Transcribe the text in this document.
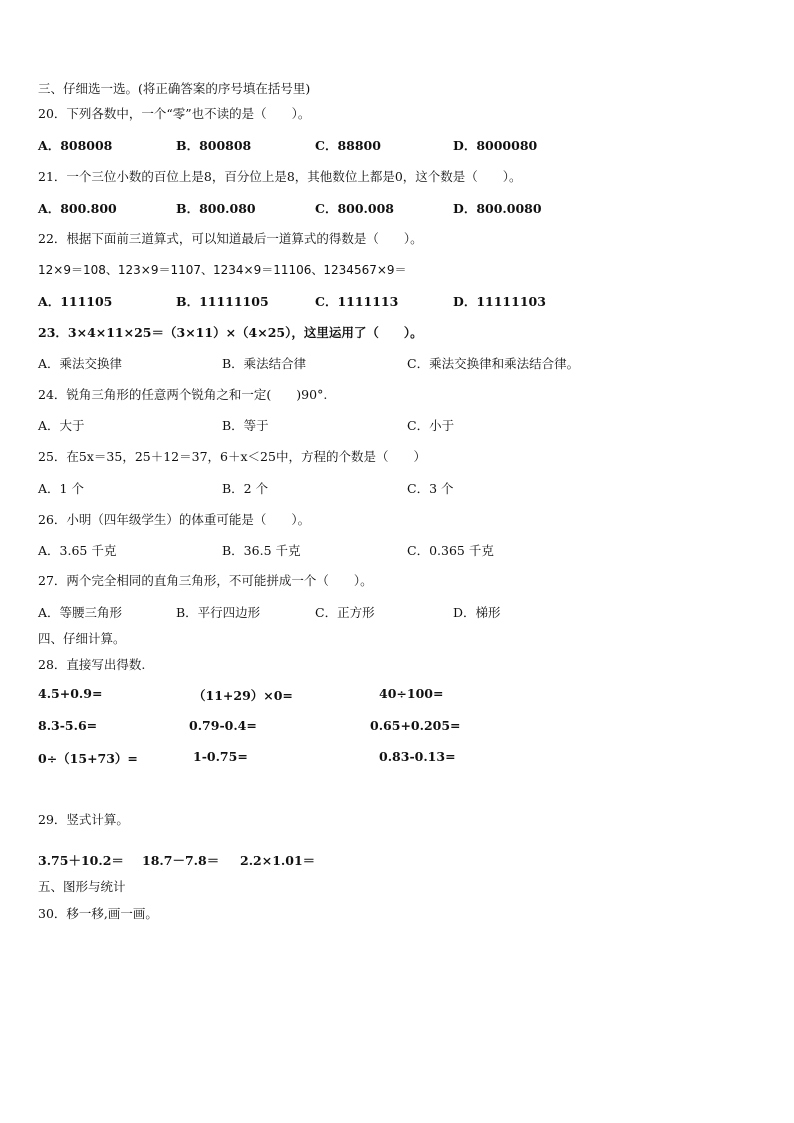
三、仔细选一选。(将正确答案的序号填在括号里)
20．下列各数中，一个“零”也不读的是（　　）。
A．808008	B．800808	C．88800	D．8000080
21．一个三位小数的百位上是8，百分位上是8，其他数位上都是0，这个数是（　　）。
A．800.800	B．800.080	C．800.008	D．800.0080
22．根据下面前三道算式，可以知道最后一道算式的得数是（　　）。
12×9＝108、123×9＝1107、1234×9＝11106、1234567×9＝
A．111105	B．11111105	C．1111113	D．11111103
23．3×4×11×25＝（3×11）×（4×25），这里运用了（　　）。
A．乘法交换律	B．乘法结合律	C．乘法交换律和乘法结合律。
24．锐角三角形的任意两个锐角之和一定(　　)90°.
A．大于	B．等于	C．小于
25．在5x＝35，25＋12＝37，6＋x＜25中，方程的个数是（　　）
A．1 个	B．2 个	C．3 个
26．小明（四年级学生）的体重可能是（　　）。
A．3.65 千克	B．36.5 千克	C．0.365 千克
27．两个完全相同的直角三角形，不可能拼成一个（　　）。
A．等腰三角形	B．平行四边形	C．正方形	D．梯形
四、仔细计算。
28．直接写出得数.
4.5+0.9=	（11+29）×0=	40÷100=
8.3-5.6=	0.79-0.4=	0.65+0.205=
0÷（15+73）=	1-0.75=	0.83-0.13=
29．竖式计算。
3.75＋10.2＝ 18.7－7.8＝ 2.2×1.01＝
五、图形与统计
30．移一移,画一画。
